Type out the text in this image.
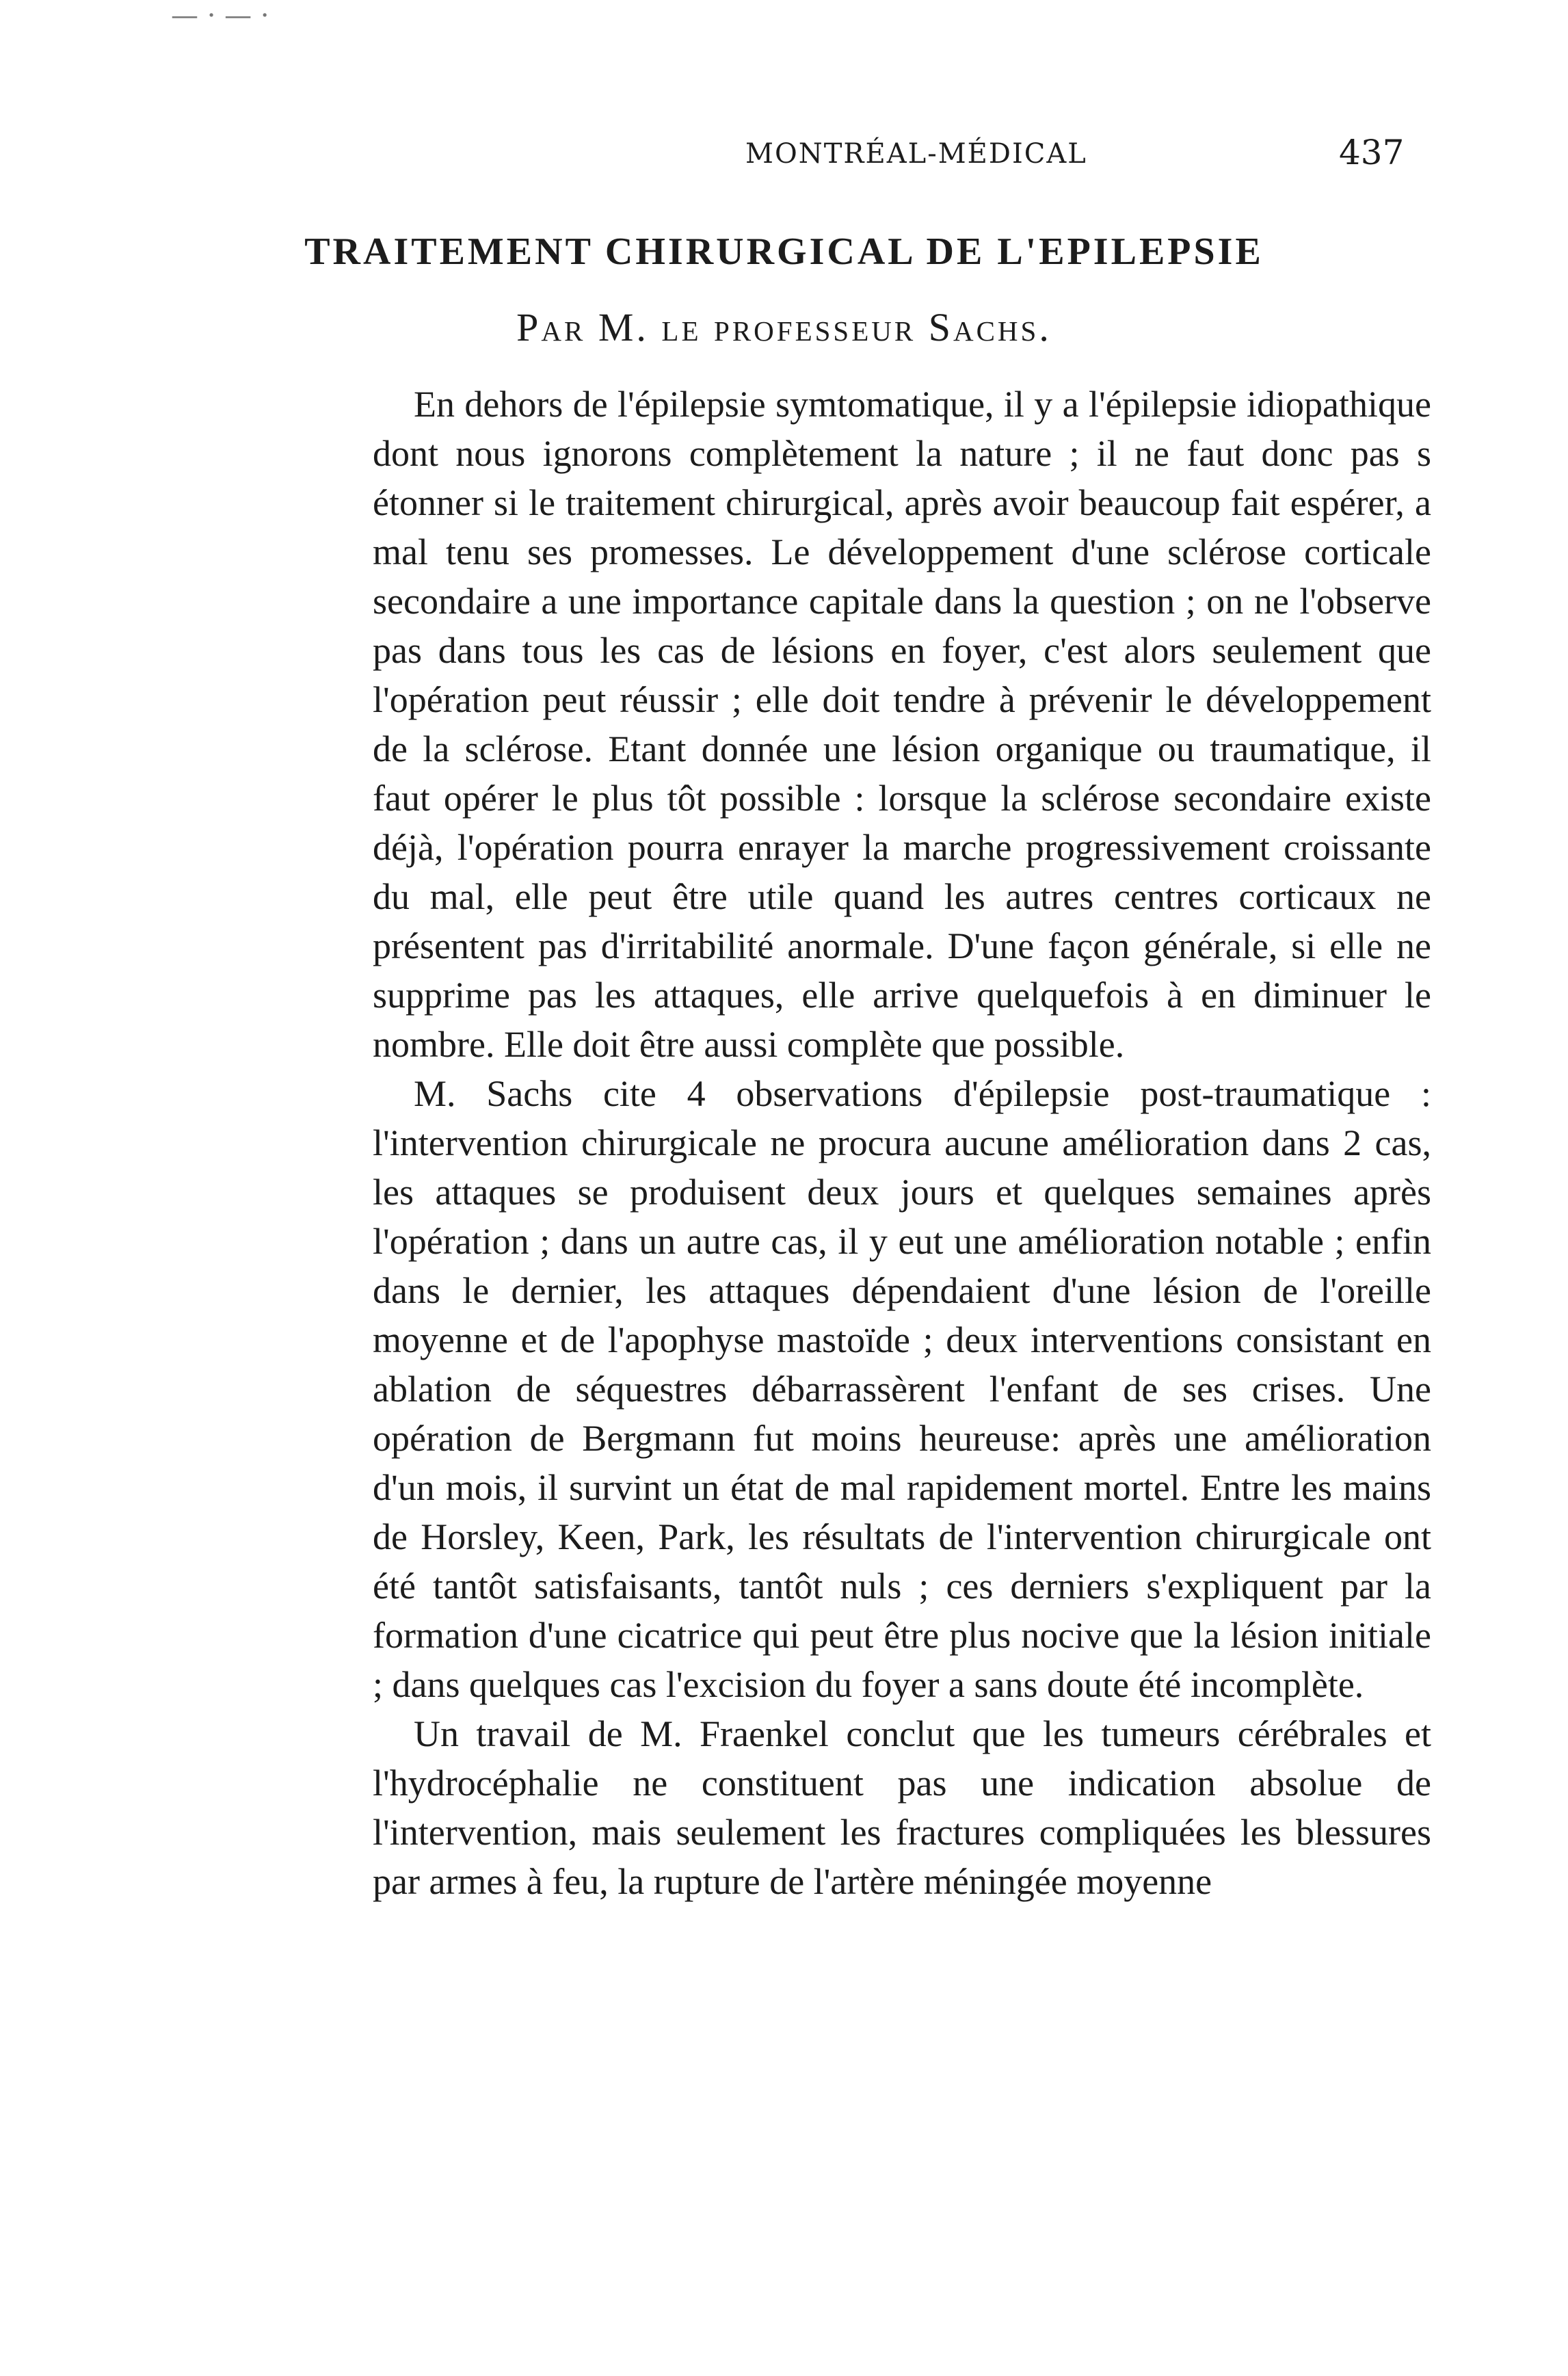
— · — ·
MONTRÉAL-MÉDICAL	437
TRAITEMENT CHIRURGICAL DE L'EPILEPSIE
Par M. le professeur Sachs.

En dehors de l'épilepsie symtomatique, il y a l'épilepsie idiopathique dont nous ignorons complètement la nature ; il ne faut donc pas s étonner si le traitement chirurgical, après avoir beaucoup fait espérer, a mal tenu ses promesses. Le développement d'une sclérose corticale secondaire a une importance capitale dans la question ; on ne l'observe pas dans tous les cas de lésions en foyer, c'est alors seulement que l'opération peut réussir ; elle doit tendre à prévenir le développement de la sclérose. Etant donnée une lésion organique ou traumatique, il faut opérer le plus tôt possible : lorsque la sclérose secondaire existe déjà, l'opération pourra enrayer la marche progressivement croissante du mal, elle peut être utile quand les autres centres corticaux ne présentent pas d'irritabilité anormale. D'une façon générale, si elle ne supprime pas les attaques, elle arrive quelquefois à en diminuer le nombre. Elle doit être aussi complète que possible.

M. Sachs cite 4 observations d'épilepsie post-traumatique : l'intervention chirurgicale ne procura aucune amélioration dans 2 cas, les attaques se produisent deux jours et quelques semaines après l'opération ; dans un autre cas, il y eut une amélioration notable ; enfin dans le dernier, les attaques dépendaient d'une lésion de l'oreille moyenne et de l'apophyse mastoïde ; deux interventions consistant en ablation de séquestres débarrassèrent l'enfant de ses crises. Une opération de Bergmann fut moins heureuse: après une amélioration d'un mois, il survint un état de mal rapidement mortel. Entre les mains de Horsley, Keen, Park, les résultats de l'intervention chirurgicale ont été tantôt satisfaisants, tantôt nuls ; ces derniers s'expliquent par la formation d'une cicatrice qui peut être plus nocive que la lésion initiale ; dans quelques cas l'excision du foyer a sans doute été incomplète.

Un travail de M. Fraenkel conclut que les tumeurs cérébrales et l'hydrocéphalie ne constituent pas une indication absolue de l'intervention, mais seulement les fractures compliquées les blessures par armes à feu, la rupture de l'artère méningée moyenne
